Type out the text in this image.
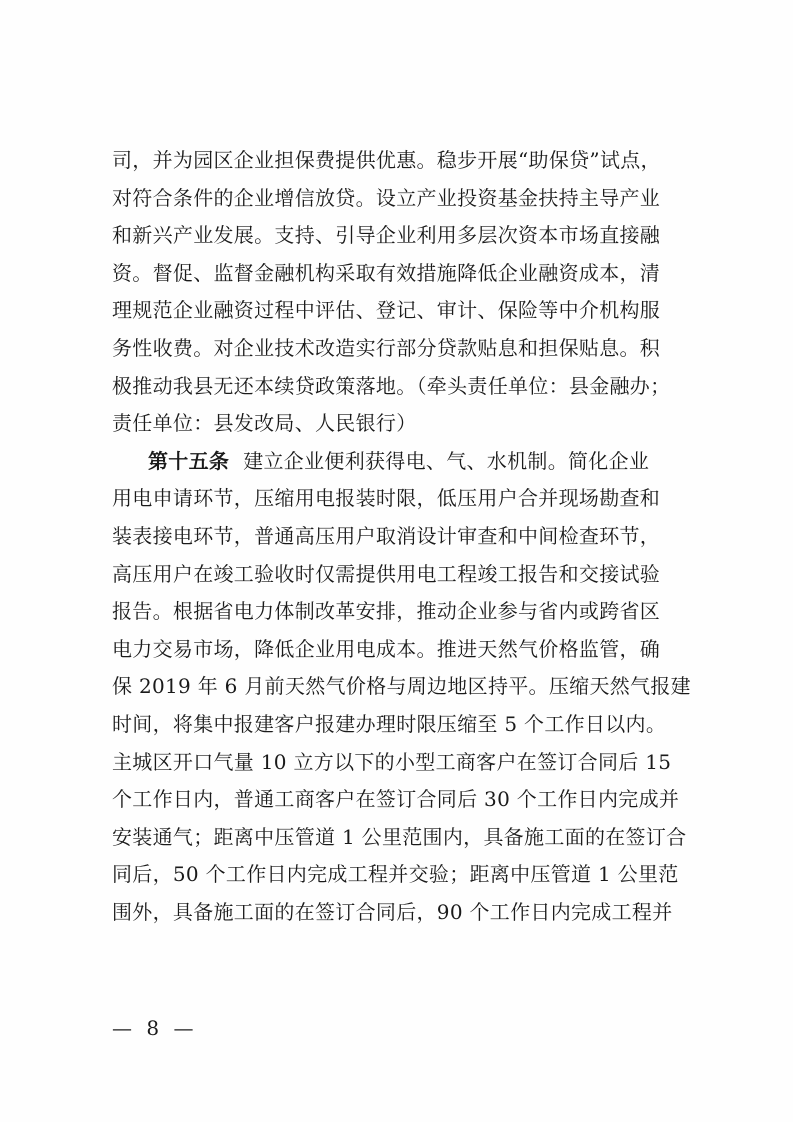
司，并为园区企业担保费提供优惠。稳步开展“助保贷”试点，
对符合条件的企业增信放贷。设立产业投资基金扶持主导产业
和新兴产业发展。支持、引导企业利用多层次资本市场直接融
资。督促、监督金融机构采取有效措施降低企业融资成本，清
理规范企业融资过程中评估、登记、审计、保险等中介机构服
务性收费。对企业技术改造实行部分贷款贴息和担保贴息。积
极推动我县无还本续贷政策落地。（牵头责任单位：县金融办；
责任单位：县发改局、人民银行）
第十五条 建立企业便利获得电、气、水机制。简化企业
用电申请环节，压缩用电报装时限，低压用户合并现场勘查和
装表接电环节，普通高压用户取消设计审查和中间检查环节，
高压用户在竣工验收时仅需提供用电工程竣工报告和交接试验
报告。根据省电力体制改革安排，推动企业参与省内或跨省区
电力交易市场，降低企业用电成本。推进天然气价格监管，确
保 2019 年 6 月前天然气价格与周边地区持平。压缩天然气报建
时间，将集中报建客户报建办理时限压缩至 5 个工作日以内。
主城区开口气量 10 立方以下的小型工商客户在签订合同后 15
个工作日内，普通工商客户在签订合同后 30 个工作日内完成并
安装通气；距离中压管道 1 公里范围内，具备施工面的在签订合
同后，50 个工作日内完成工程并交验；距离中压管道 1 公里范
围外，具备施工面的在签订合同后，90 个工作日内完成工程并
— 8 —
